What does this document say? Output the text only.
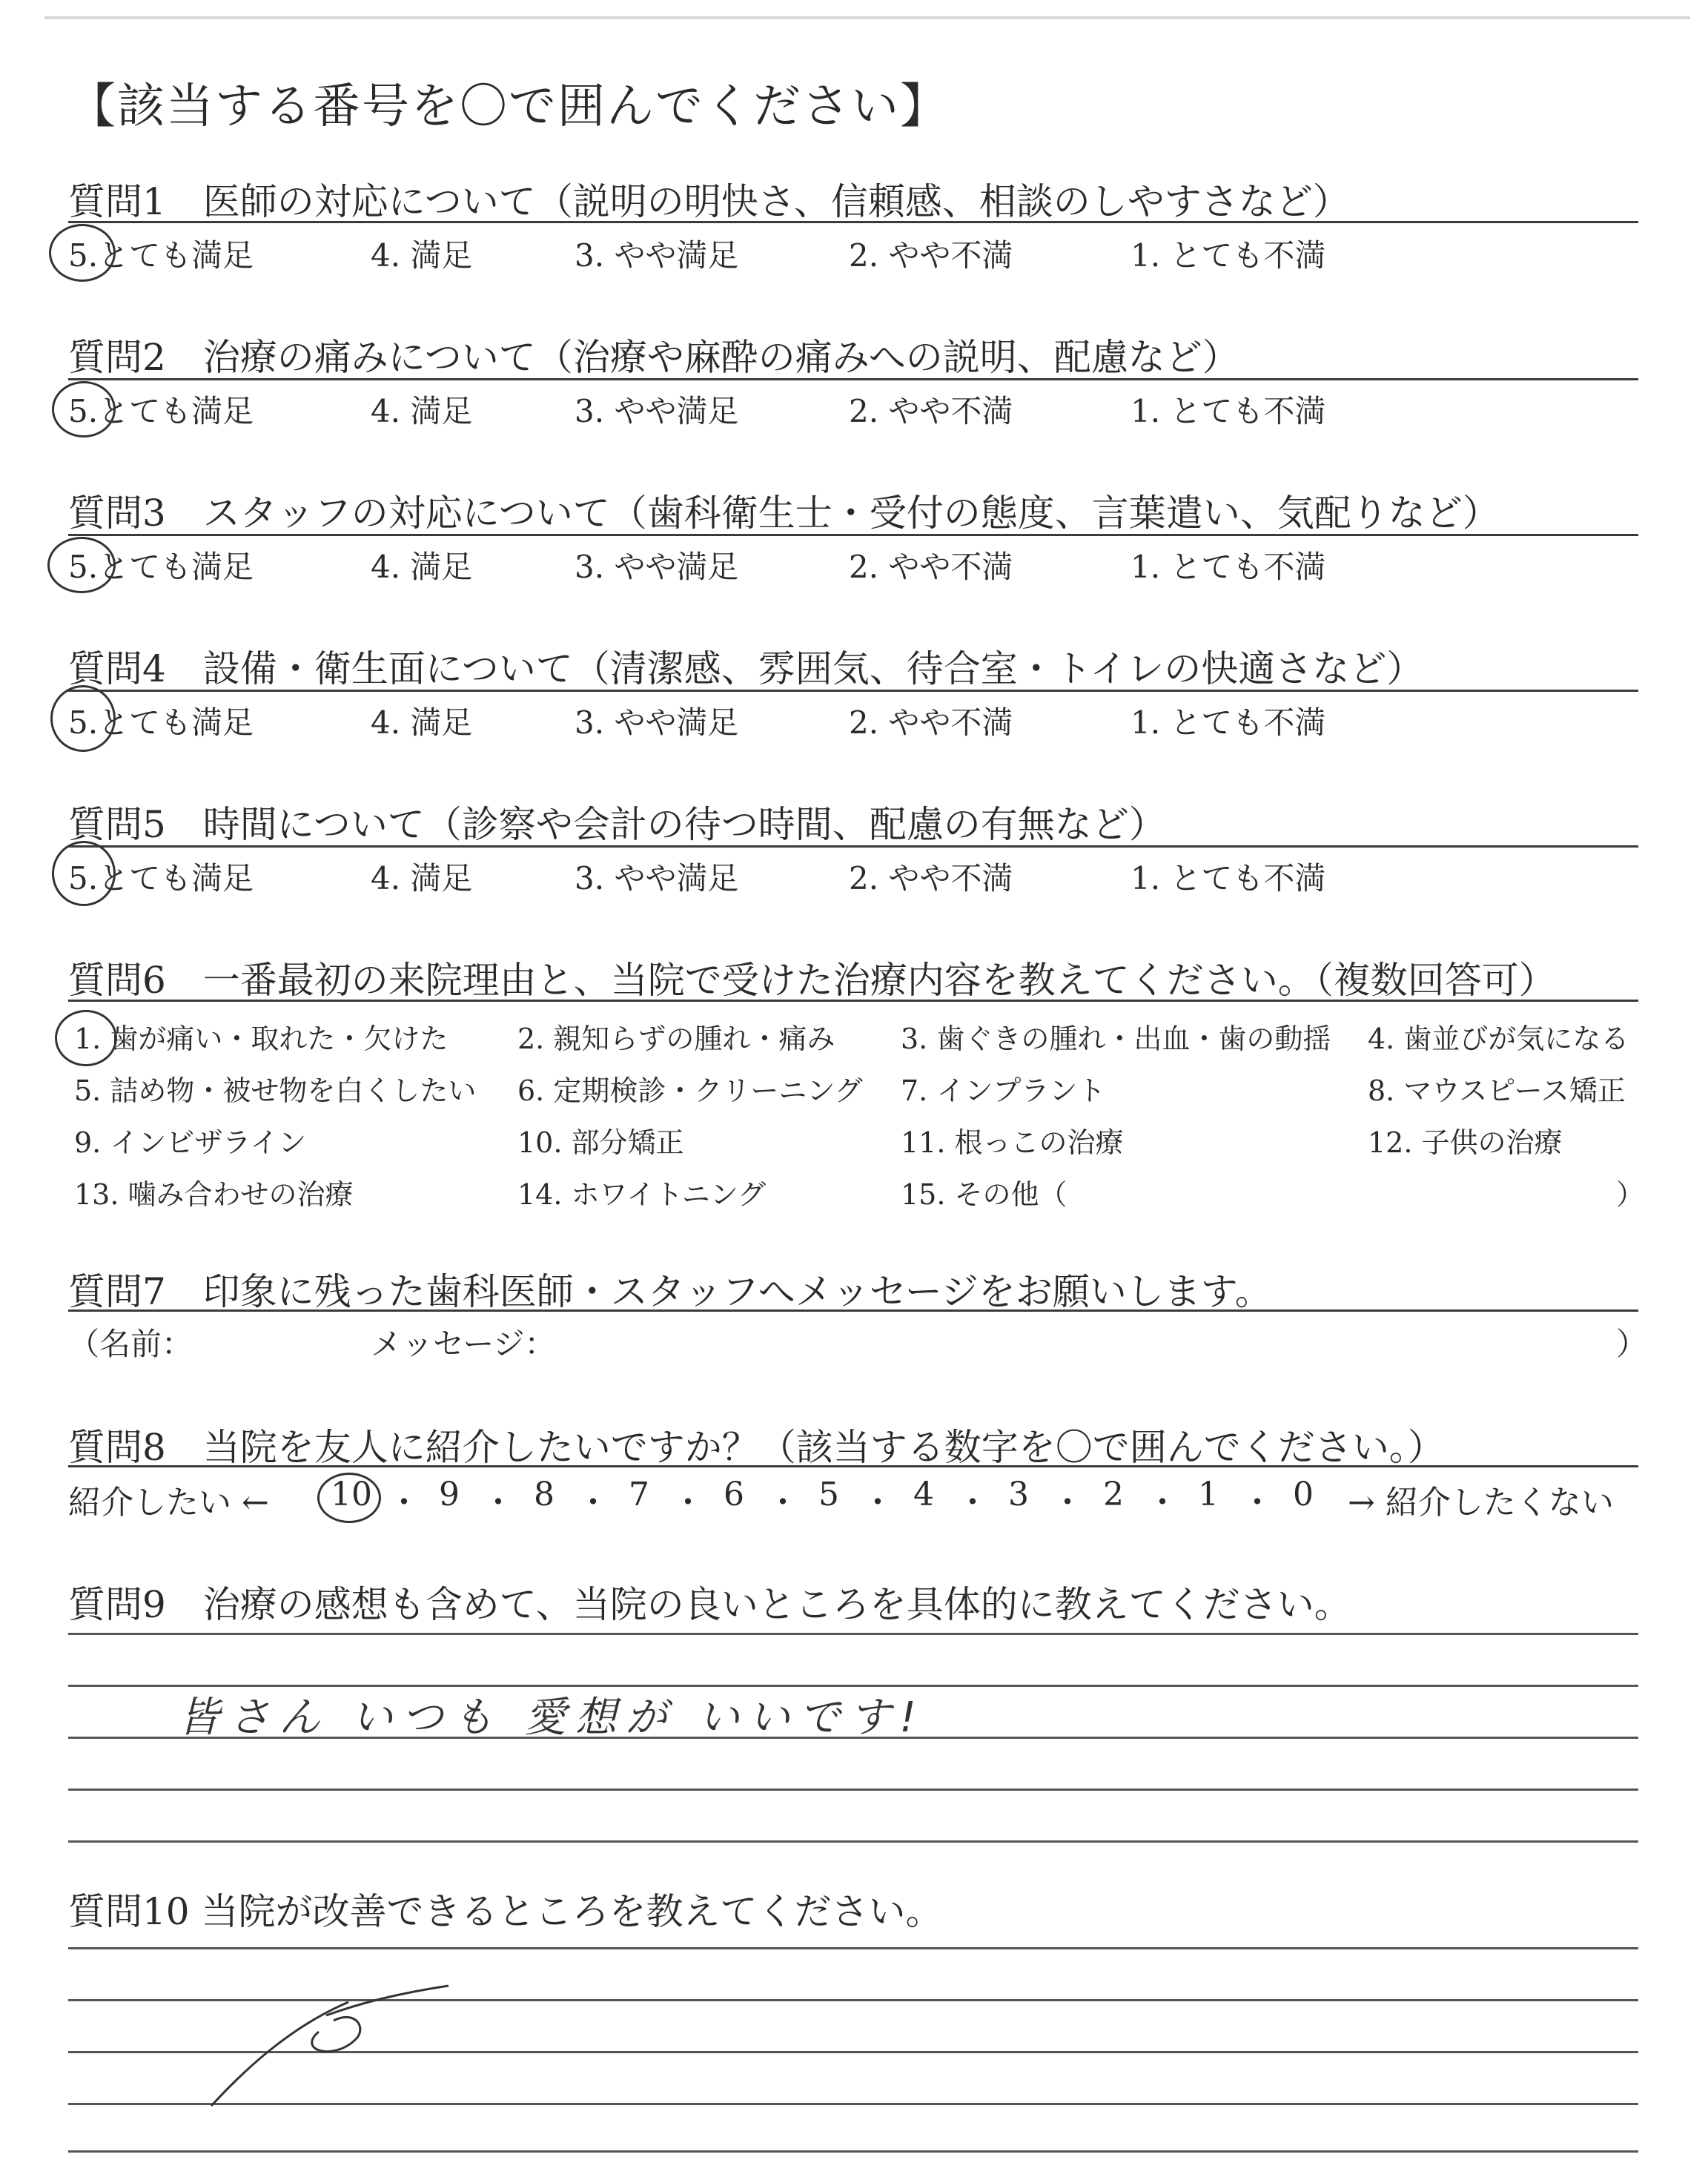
【該当する番号を〇で囲んでください】
質問1　医師の対応について（説明の明快さ、信頼感、相談のしやすさなど）
5.とても満足	4. 満足	3. やや満足	2. やや不満	1. とても不満
質問2　治療の痛みについて（治療や麻酔の痛みへの説明、配慮など）
5.とても満足	4. 満足	3. やや満足	2. やや不満	1. とても不満
質問3　スタッフの対応について（歯科衛生士・受付の態度、言葉遣い、気配りなど）
5.とても満足	4. 満足	3. やや満足	2. やや不満	1. とても不満
質問4　設備・衛生面について（清潔感、雰囲気、待合室・トイレの快適さなど）
5.とても満足	4. 満足	3. やや満足	2. やや不満	1. とても不満
質問5　時間について（診察や会計の待つ時間、配慮の有無など）
5.とても満足	4. 満足	3. やや満足	2. やや不満	1. とても不満
質問6　一番最初の来院理由と、当院で受けた治療内容を教えてください。（複数回答可）
1. 歯が痛い・取れた・欠けた 2. 親知らずの腫れ・痛み 3. 歯ぐきの腫れ・出血・歯の動揺 4. 歯並びが気になる
5. 詰め物・被せ物を白くしたい 6. 定期検診・クリーニング 7. インプラント	8. マウスピース矯正
9. インビザライン	10. 部分矯正	11. 根っこの治療	12. 子供の治療
13. 噛み合わせの治療	14. ホワイトニング	15. その他（	）
質問7　印象に残った歯科医師・スタッフへメッセージをお願いします。
（名前：	メッセージ：	）
質問8　当院を友人に紹介したいですか？（該当する数字を〇で囲んでください。）
紹介したい ← 10 ・ 9 ・ 8 ・ 7 ・ 6 ・ 5 ・ 4 ・ 3 ・ 2 ・ 1 ・ 0 → 紹介したくない
質問9　治療の感想も含めて、当院の良いところを具体的に教えてください。
皆さん いつも 愛想が いいです!
質問10 当院が改善できるところを教えてください。
